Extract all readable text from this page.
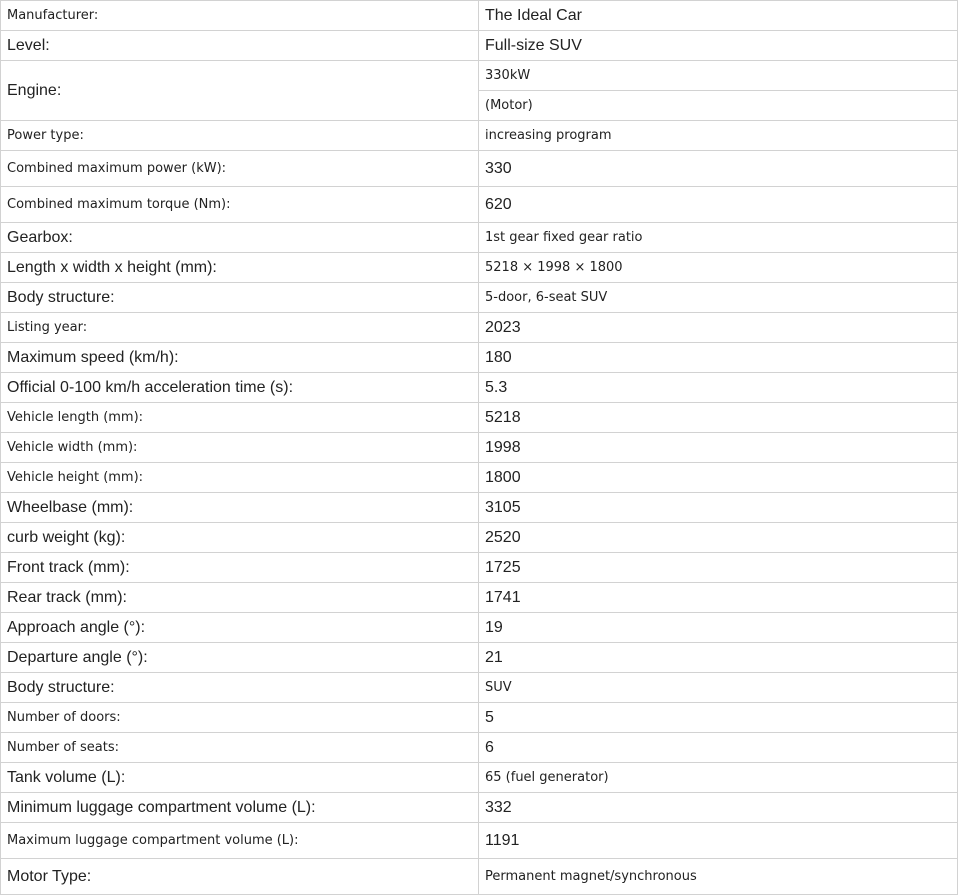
Manufacturer:	The Ideal Car
Level:	Full-size SUV
Engine:	330kW
	(Motor)
Power type:	increasing program
Combined maximum power (kW):	330
Combined maximum torque (Nm):	620
Gearbox:	1st gear fixed gear ratio
Length x width x height (mm):	5218 × 1998 × 1800
Body structure:	5-door, 6-seat SUV
Listing year:	2023
Maximum speed (km/h):	180
Official 0-100 km/h acceleration time (s):	5.3
Vehicle length (mm):	5218
Vehicle width (mm):	1998
Vehicle height (mm):	1800
Wheelbase (mm):	3105
curb weight (kg):	2520
Front track (mm):	1725
Rear track (mm):	1741
Approach angle (°):	19
Departure angle (°):	21
Body structure:	SUV
Number of doors:	5
Number of seats:	6
Tank volume (L):	65 (fuel generator)
Minimum luggage compartment volume (L):	332
Maximum luggage compartment volume (L):	1191
Motor Type:	Permanent magnet/synchronous
